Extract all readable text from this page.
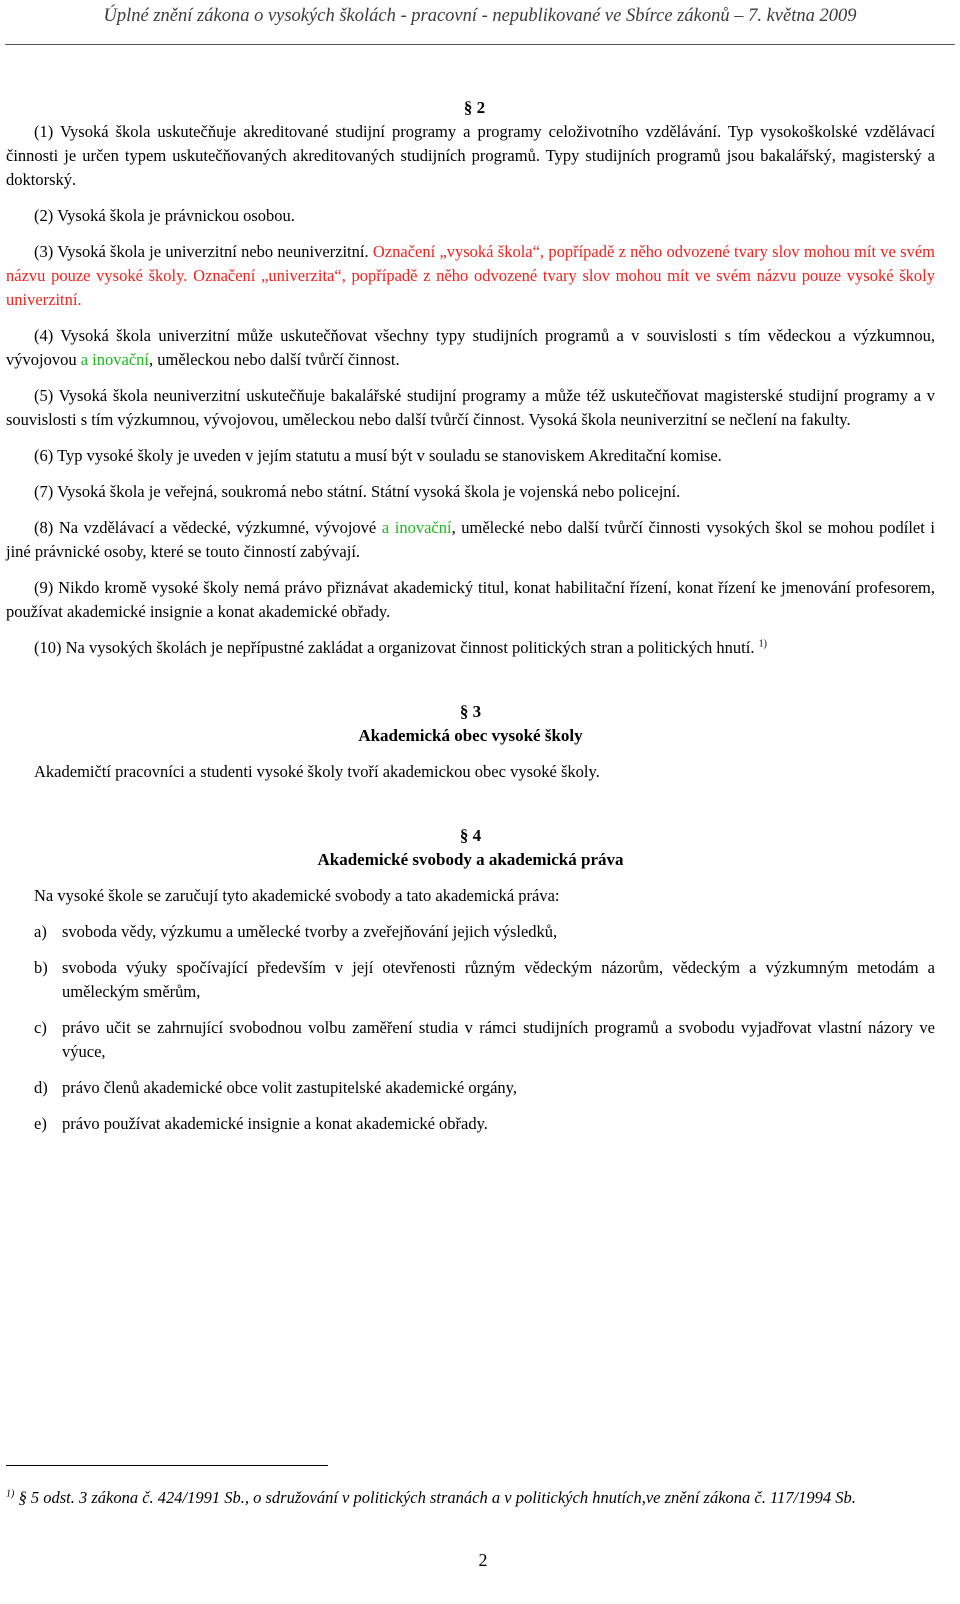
Úplné znění zákona o vysokých školách - pracovní - nepublikované ve Sbírce zákonů – 7. května 2009

§ 2

(1) Vysoká škola uskutečňuje akreditované studijní programy a programy celoživotního vzdělávání. Typ vysokoškolské vzdělávací činnosti je určen typem uskutečňovaných akreditovaných studijních programů. Typy studijních programů jsou bakalářský, magisterský a doktorský.

(2) Vysoká škola je právnickou osobou.

(3) Vysoká škola je univerzitní nebo neuniverzitní. Označení „vysoká škola“, popřípadě z něho odvozené tvary slov mohou mít ve svém názvu pouze vysoké školy. Označení „univerzita“, popřípadě z něho odvozené tvary slov mohou mít ve svém názvu pouze vysoké školy univerzitní.

(4) Vysoká škola univerzitní může uskutečňovat všechny typy studijních programů a v souvislosti s tím vědeckou a výzkumnou, vývojovou a inovační, uměleckou nebo další tvůrčí činnost.

(5) Vysoká škola neuniverzitní uskutečňuje bakalářské studijní programy a může též uskutečňovat magisterské studijní programy a v souvislosti s tím výzkumnou, vývojovou, uměleckou nebo další tvůrčí činnost. Vysoká škola neuniverzitní se nečlení na fakulty.

(6) Typ vysoké školy je uveden v jejím statutu a musí být v souladu se stanoviskem Akreditační komise.

(7) Vysoká škola je veřejná, soukromá nebo státní. Státní vysoká škola je vojenská nebo policejní.

(8) Na vzdělávací a vědecké, výzkumné, vývojové a inovační, umělecké nebo další tvůrčí činnosti vysokých škol se mohou podílet i jiné právnické osoby, které se touto činností zabývají.

(9) Nikdo kromě vysoké školy nemá právo přiznávat akademický titul, konat habilitační řízení, konat řízení ke jmenování profesorem, používat akademické insignie a konat akademické obřady.

(10) Na vysokých školách je nepřípustné zakládat a organizovat činnost politických stran a politických hnutí. $^{1)}$

§ 3

Akademická obec vysoké školy

Akademičtí pracovníci a studenti vysoké školy tvoří akademickou obec vysoké školy.

§ 4

Akademické svobody a akademická práva

Na vysoké škole se zaručují tyto akademické svobody a tato akademická práva:

a) svoboda vědy, výzkumu a umělecké tvorby a zveřejňování jejich výsledků,
b) svoboda výuky spočívající především v její otevřenosti různým vědeckým názorům, vědeckým a výzkumným metodám a uměleckým směrům,
c) právo učit se zahrnující svobodnou volbu zaměření studia v rámci studijních programů a svobodu vyjadřovat vlastní názory ve výuce,
d) právo členů akademické obce volit zastupitelské akademické orgány,
e) právo používat akademické insignie a konat akademické obřady.
$^{1)}$ § 5 odst. 3 zákona č. 424/1991 Sb., o sdružování v politických stranách a v politických hnutích,ve znění zákona č. 117/1994 Sb.
2
